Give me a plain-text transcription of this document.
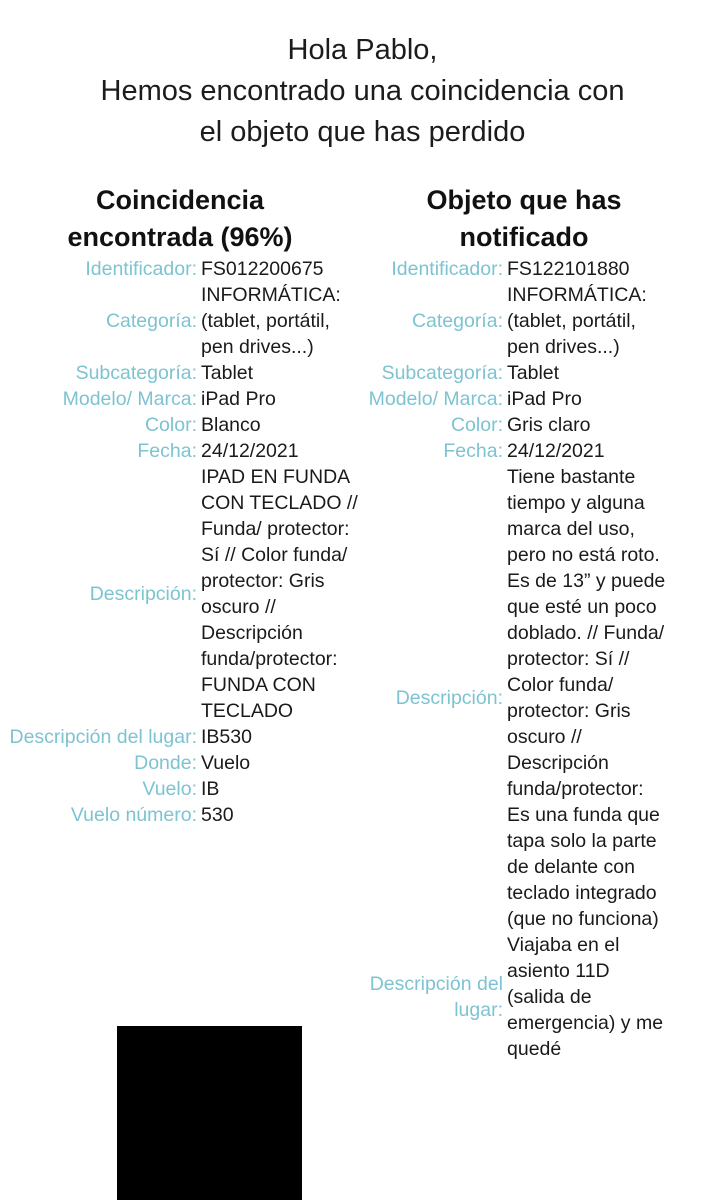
Hola Pablo,
Hemos encontrado una coincidencia con
el objeto que has perdido
Coincidencia
encontrada (96%)
Identificador:	FS012200675
Categoría:	INFORMÁTICA: (tablet, portátil, pen drives...)
Subcategoría:	Tablet
Modelo/ Marca:	iPad Pro
Color:	Blanco
Fecha:	24/12/2021
Descripción:	IPAD EN FUNDA CON TECLADO // Funda/ protector: Sí // Color funda/ protector: Gris oscuro // Descripción funda/protector: FUNDA CON TECLADO
Descripción del lugar:	IB530
Donde:	Vuelo
Vuelo:	IB
Vuelo número:	530
Objeto que has
notificado
Identificador:	FS122101880
Categoría:	INFORMÁTICA: (tablet, portátil, pen drives...)
Subcategoría:	Tablet
Modelo/ Marca:	iPad Pro
Color:	Gris claro
Fecha:	24/12/2021
Descripción:	Tiene bastante tiempo y alguna marca del uso, pero no está roto. Es de 13” y puede que esté un poco doblado. // Funda/ protector: Sí // Color funda/ protector: Gris oscuro // Descripción funda/protector: Es una funda que tapa solo la parte de delante con teclado integrado (que no funciona)
Descripción del lugar:	Viajaba en el asiento 11D (salida de emergencia) y me quedé
